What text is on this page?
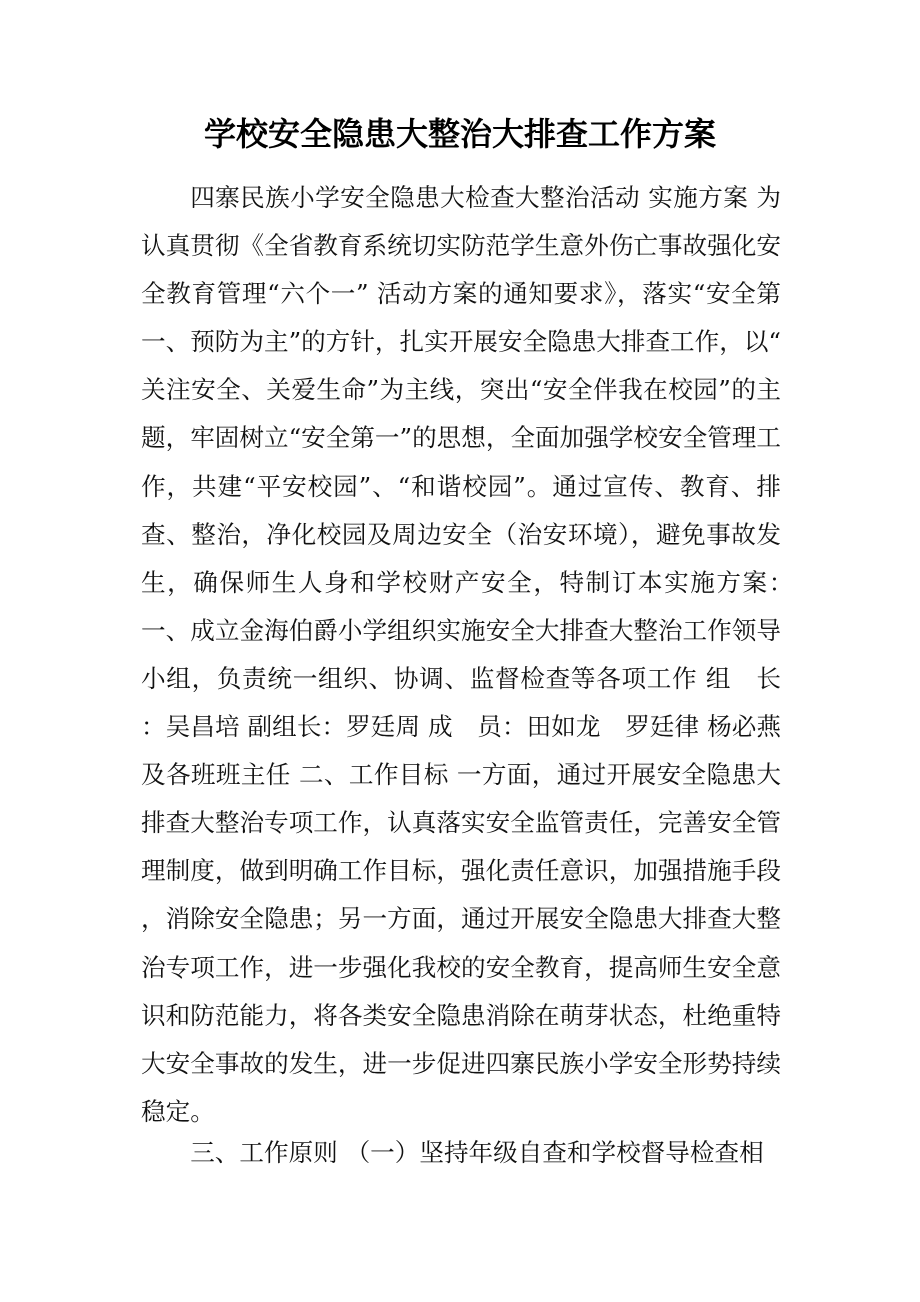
学校安全隐患大整治大排查工作方案

四寨民族小学安全隐患大检查大整治活动 实施方案 为认真贯彻《全省教育系统切实防范学生意外伤亡事故强化安全教育管理“六个一” 活动方案的通知要求》，落实“安全第一、预防为主”的方针，扎实开展安全隐患大排查工作，以“关注安全、关爱生命”为主线，突出“安全伴我在校园”的主题，牢固树立“安全第一”的思想，全面加强学校安全管理工作，共建“平安校园”、“和谐校园”。通过宣传、教育、排查、整治，净化校园及周边安全（治安环境），避免事故发生，确保师生人身和学校财产安全，特制订本实施方案：　一、成立金海伯爵小学组织实施安全大排查大整治工作领导小组，负责统一组织、协调、监督检查等各项工作 组　长：吴昌培 副组长：罗廷周 成　员：田如龙　罗廷律 杨必燕及各班班主任 二、工作目标 一方面，通过开展安全隐患大排查大整治专项工作，认真落实安全监管责任，完善安全管理制度，做到明确工作目标，强化责任意识，加强措施手段，消除安全隐患；另一方面，通过开展安全隐患大排查大整治专项工作，进一步强化我校的安全教育，提高师生安全意识和防范能力，将各类安全隐患消除在萌芽状态，杜绝重特大安全事故的发生，进一步促进四寨民族小学安全形势持续稳定。

三、工作原则 （一）坚持年级自查和学校督导检查相
